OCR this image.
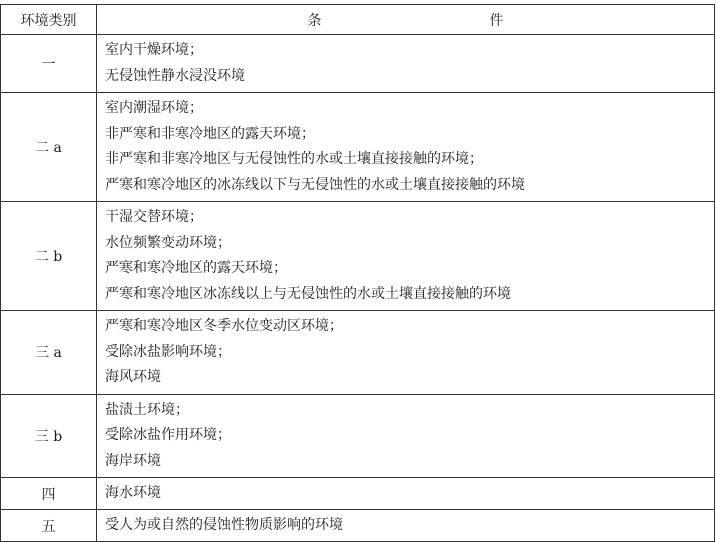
环境类别	条 件
一	室内干燥环境；
无侵蚀性静水浸没环境

二 a	室内潮湿环境；
非严寒和非寒冷地区的露天环境；
非严寒和非寒冷地区与无侵蚀性的水或土壤直接接触的环境；
严寒和寒冷地区的冰冻线以下与无侵蚀性的水或土壤直接接触的环境

二 b	干湿交替环境；
水位频繁变动环境；
严寒和寒冷地区的露天环境；
严寒和寒冷地区冰冻线以上与无侵蚀性的水或土壤直接接触的环境

三 a	严寒和寒冷地区冬季水位变动区环境；
受除冰盐影响环境；
海风环境

三 b	盐渍土环境；
受除冰盐作用环境；
海岸环境

四	海水环境

五	受人为或自然的侵蚀性物质影响的环境
